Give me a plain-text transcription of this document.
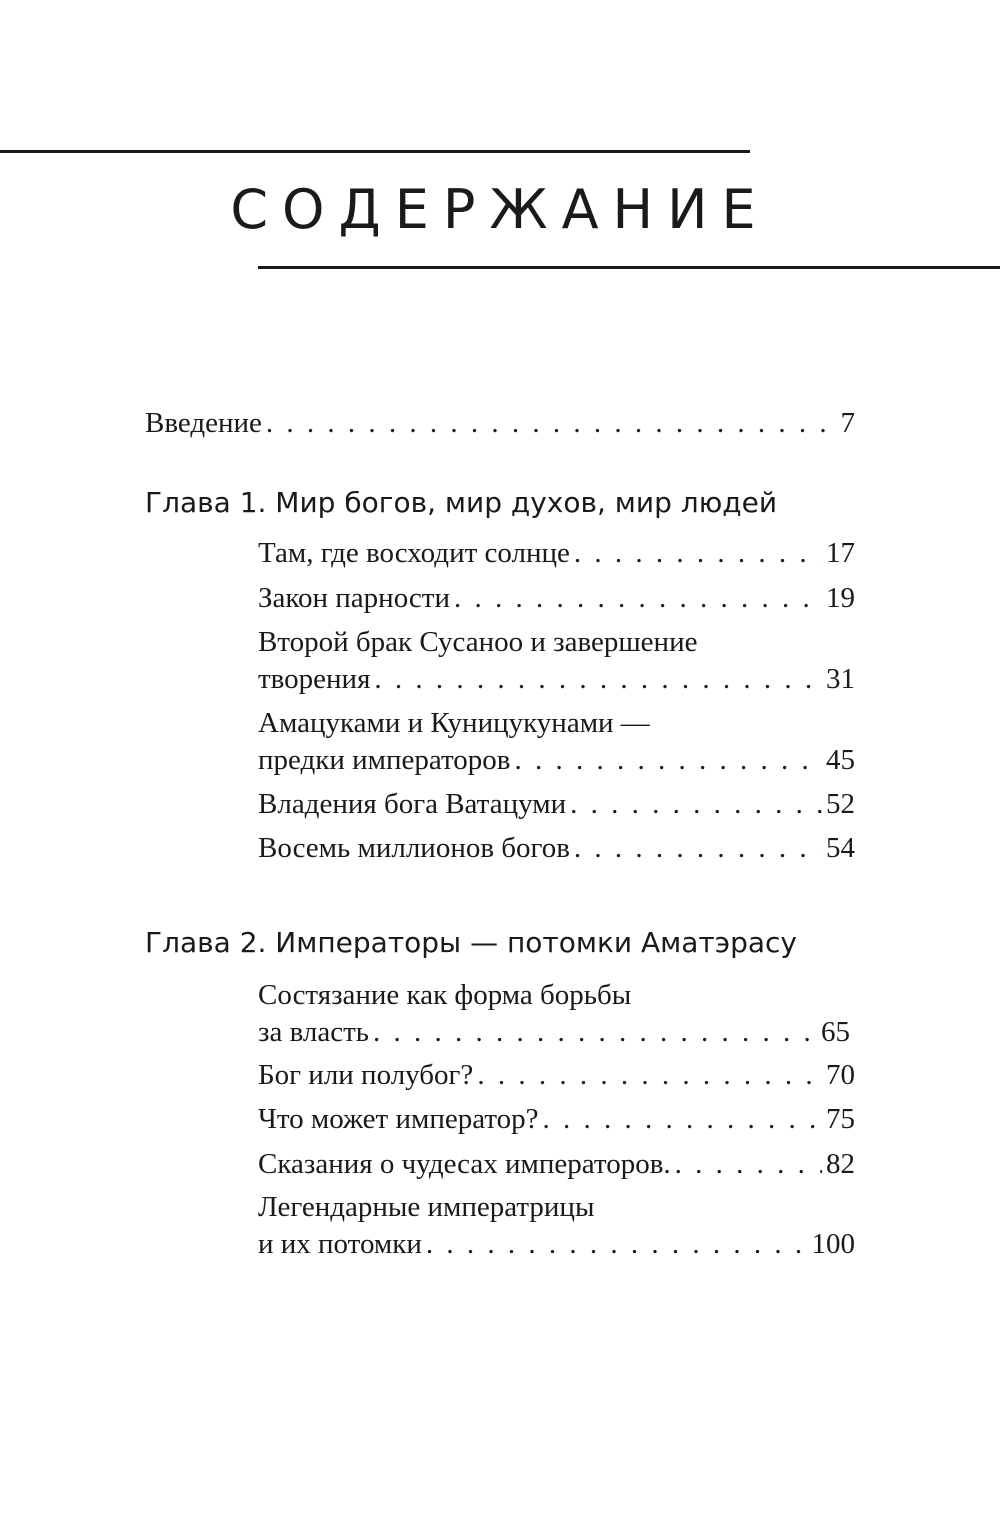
СОДЕРЖАНИЕ
Введение . . .	7
Глава 1. Мир богов, мир духов, мир людей
Там, где восходит солнце . . .	17
Закон парности . . .	19
Второй брак Сусаноо и завершение
творения . . .	31
Амацуками и Куницукунами —
предки императоров . . .	45
Владения бога Ватацуми . . .	52
Восемь миллионов богов . . .	54
Глава 2. Императоры — потомки Аматэрасу
Состязание как форма борьбы
за власть . . .	65
Бог или полубог? . . .	70
Что может император? . . .	75
Сказания о чудесах императоров. . . .	82
Легендарные императрицы
и их потомки . . .	100
